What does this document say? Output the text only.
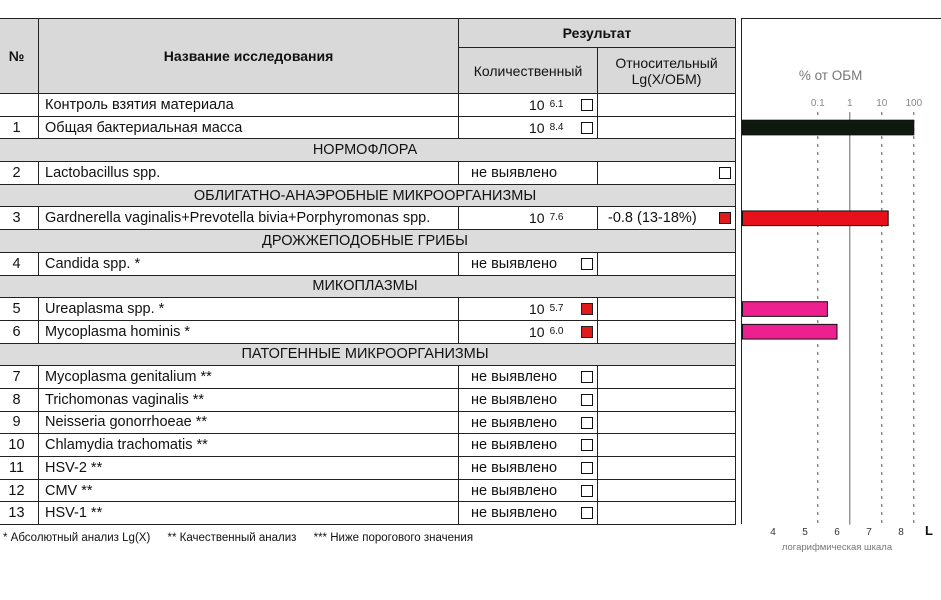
№	Название исследования	Результат	
		Количественный	Относительный
Lg(X/ОБМ)

	Контроль взятия материала	10 $^{6.1}$

1	Общая бактериальная масса	10 $^{8.4}$

НОРМОФЛОРА			
2	Lactobacillus spp.	не выявлено	

ОБЛИГАТНО-АНАЭРОБНЫЕ МИКРООРГАНИЗМЫ			
3	Gardnerella vaginalis+Prevotella bivia+Porphyromonas spp.	10 $^{7.6}$	-0.8 (13-18%)

ДРОЖЖЕПОДОБНЫЕ ГРИБЫ			
4	Candida spp. *	не выявлено	

МИКОПЛАЗМЫ			
5	Ureaplasma spp. *	10 $^{5.7}$

6	Mycoplasma hominis *	10 $^{6.0}$

ПАТОГЕННЫЕ МИКРООРГАНИЗМЫ			
7	Mycoplasma genitalium **	не выявлено	

8	Trichomonas vaginalis **	не выявлено	

9	Neisseria gonorrhoeae **	не выявлено	

10	Chlamydia trachomatis **	не выявлено	

11	HSV-2 **	не выявлено	

12	CMV **	не выявлено	

13	HSV-1 **	не выявлено	

% от ОБМ
0.1 1 10 100
4	5	6	7	8
логарифмическая шкала
L
* Абсолютный анализ Lg(X) ** Качественный анализ *** Ниже порогового значения
